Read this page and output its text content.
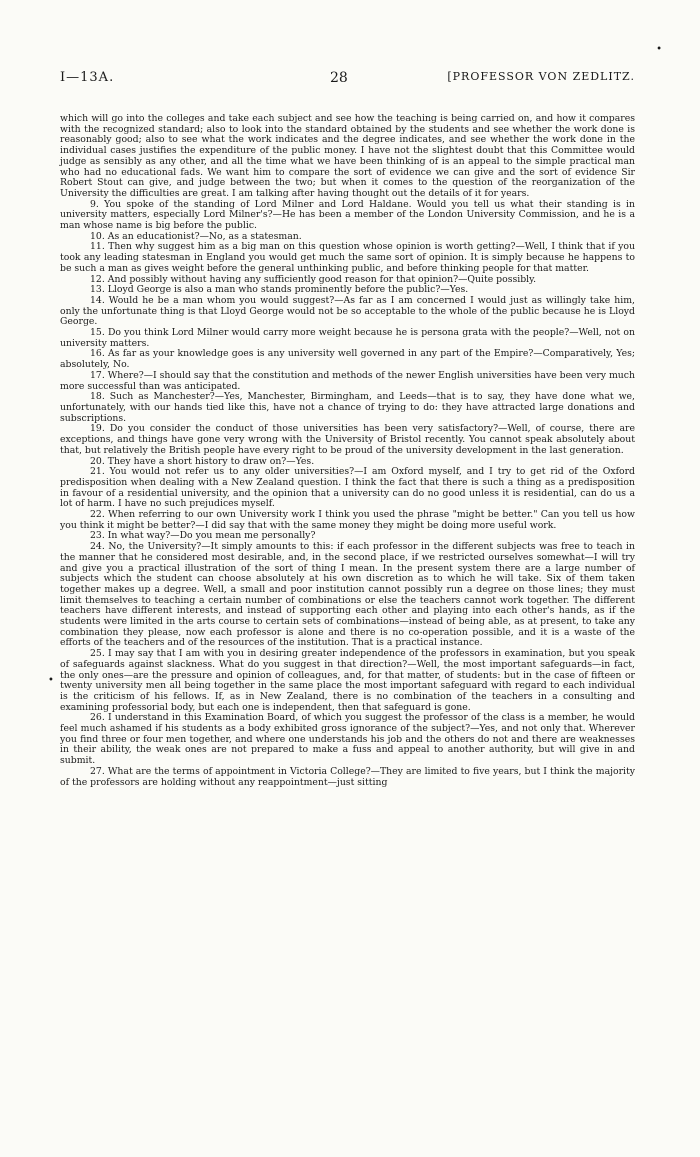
•
•
I—13A.	28	[PROFESSOR VON ZEDLITZ.

which will go into the colleges and take each subject and see how the teaching is being carried on, and how it compares with the recognized standard; also to look into the standard obtained by the students and see whether the work done is reasonably good; also to see what the work indicates and the degree indicates, and see whether the work done in the individual cases justifies the expenditure of the public money. I have not the slightest doubt that this Committee would judge as sensibly as any other, and all the time what we have been thinking of is an appeal to the simple practical man who had no educational fads. We want him to compare the sort of evidence we can give and the sort of evidence Sir Robert Stout can give, and judge between the two; but when it comes to the question of the reorganization of the University the difficulties are great. I am talking after having thought out the details of it for years.

9. You spoke of the standing of Lord Milner and Lord Haldane. Would you tell us what their standing is in university matters, especially Lord Milner's?—He has been a member of the London University Commission, and he is a man whose name is big before the public.

10. As an educationist?—No, as a statesman.

11. Then why suggest him as a big man on this question whose opinion is worth getting?—Well, I think that if you took any leading statesman in England you would get much the same sort of opinion. It is simply because he happens to be such a man as gives weight before the general unthinking public, and before thinking people for that matter.

12. And possibly without having any sufficiently good reason for that opinion?—Quite possibly.

13. Lloyd George is also a man who stands prominently before the public?—Yes.

14. Would he be a man whom you would suggest?—As far as I am concerned I would just as willingly take him, only the unfortunate thing is that Lloyd George would not be so acceptable to the whole of the public because he is Lloyd George.

15. Do you think Lord Milner would carry more weight because he is persona grata with the people?—Well, not on university matters.

16. As far as your knowledge goes is any university well governed in any part of the Empire?—Comparatively, Yes; absolutely, No.

17. Where?—I should say that the constitution and methods of the newer English universities have been very much more successful than was anticipated.

18. Such as Manchester?—Yes, Manchester, Birmingham, and Leeds—that is to say, they have done what we, unfortunately, with our hands tied like this, have not a chance of trying to do: they have attracted large donations and subscriptions.

19. Do you consider the conduct of those universities has been very satisfactory?—Well, of course, there are exceptions, and things have gone very wrong with the University of Bristol recently. You cannot speak absolutely about that, but relatively the British people have every right to be proud of the university development in the last generation.

20. They have a short history to draw on?—Yes.

21. You would not refer us to any older universities?—I am Oxford myself, and I try to get rid of the Oxford predisposition when dealing with a New Zealand question. I think the fact that there is such a thing as a predisposition in favour of a residential university, and the opinion that a university can do no good unless it is residential, can do us a lot of harm. I have no such prejudices myself.

22. When referring to our own University work I think you used the phrase "might be better." Can you tell us how you think it might be better?—I did say that with the same money they might be doing more useful work.

23. In what way?—Do you mean me personally?

24. No, the University?—It simply amounts to this: if each professor in the different subjects was free to teach in the manner that he considered most desirable, and, in the second place, if we restricted ourselves somewhat—I will try and give you a practical illustration of the sort of thing I mean. In the present system there are a large number of subjects which the student can choose absolutely at his own discretion as to which he will take. Six of them taken together makes up a degree. Well, a small and poor institution cannot possibly run a degree on those lines; they must limit themselves to teaching a certain number of combinations or else the teachers cannot work together. The different teachers have different interests, and instead of supporting each other and playing into each other's hands, as if the students were limited in the arts course to certain sets of combinations—instead of being able, as at present, to take any combination they please, now each professor is alone and there is no co-operation possible, and it is a waste of the efforts of the teachers and of the resources of the institution. That is a practical instance.

25. I may say that I am with you in desiring greater independence of the professors in examination, but you speak of safeguards against slackness. What do you suggest in that direction?—Well, the most important safeguards—in fact, the only ones—are the pressure and opinion of colleagues, and, for that matter, of students: but in the case of fifteen or twenty university men all being together in the same place the most important safeguard with regard to each individual is the criticism of his fellows. If, as in New Zealand, there is no combination of the teachers in a consulting and examining professorial body, but each one is independent, then that safeguard is gone.

26. I understand in this Examination Board, of which you suggest the professor of the class is a member, he would feel much ashamed if his students as a body exhibited gross ignorance of the subject?—Yes, and not only that. Wherever you find three or four men together, and where one understands his job and the others do not and there are weaknesses in their ability, the weak ones are not prepared to make a fuss and appeal to another authority, but will give in and submit.

27. What are the terms of appointment in Victoria College?—They are limited to five years, but I think the majority of the professors are holding without any reappointment—just sitting
